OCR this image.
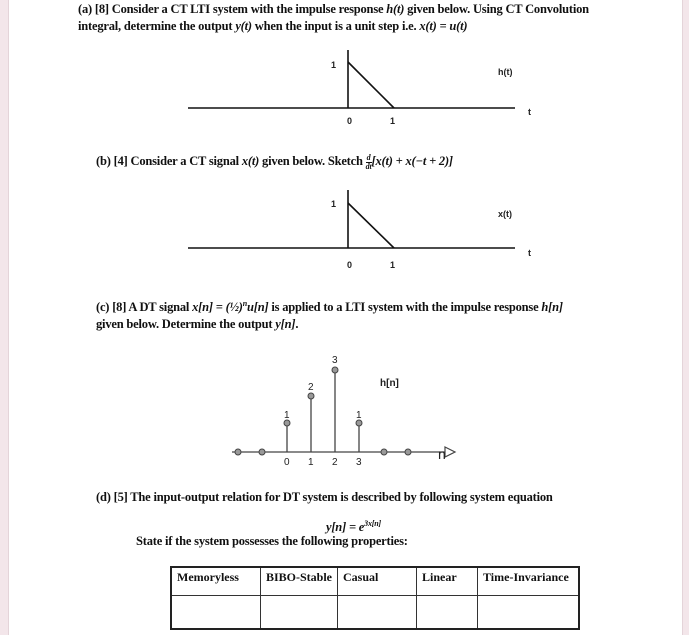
(a) [8] Consider a CT LTI system with the impulse response h(t) given below. Using CT Convolution
integral, determine the output y(t) when the input is a unit step i.e. x(t) = u(t)
1
0	1
h(t)
t
1
0	1
x(t)
t
1
2
3
1
0 1 2 3
h[n]
n
(b) [4] Consider a CT signal x(t) given below. Sketch $\frac{d}{dt} [x(t) + x(-t + 2)]$
(c) [8] A DT signal x[n] = (½)$^n$u[n] is applied to a LTI system with the impulse response h[n]
given below. Determine the output y[n].
(d) [5] The input-output relation for DT system is described by following system equation
$y[n] = e^{3x[n]}$
State if the system possesses the following properties:
Memoryless	BIBO-Stable	Casual	Linear	Time-Invariance
